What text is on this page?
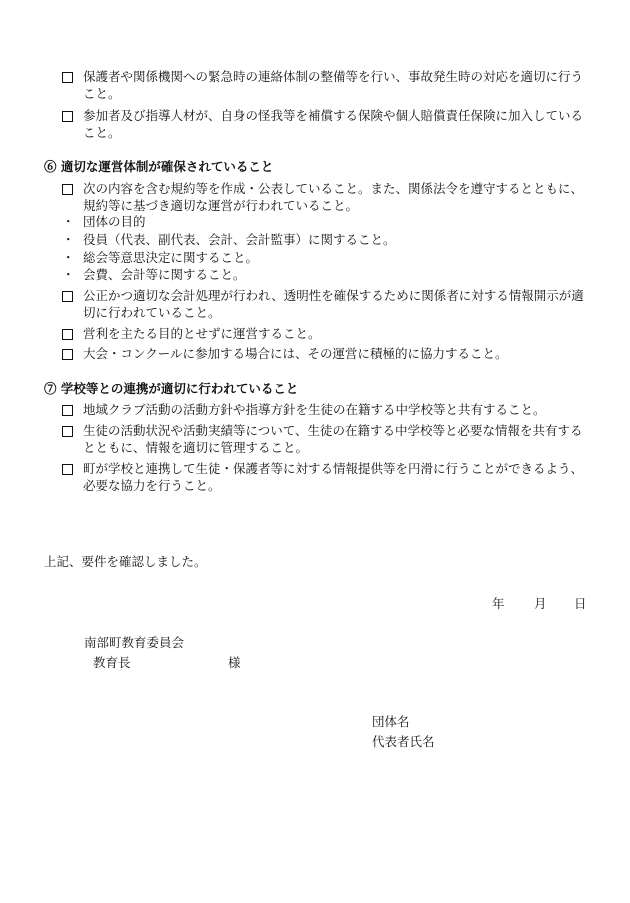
保護者や関係機関への緊急時の連絡体制の整備等を行い、事故発生時の対応を適切に行うこと。
参加者及び指導人材が、自身の怪我等を補償する保険や個人賠償責任保険に加入していること。
⑥ 適切な運営体制が確保されていること
次の内容を含む規約等を作成・公表していること。また、関係法令を遵守するとともに、規約等に基づき適切な運営が行われていること。
・ 団体の目的
・ 役員（代表、副代表、会計、会計監事）に関すること。
・ 総会等意思決定に関すること。
・ 会費、会計等に関すること。
公正かつ適切な会計処理が行われ、透明性を確保するために関係者に対する情報開示が適切に行われていること。
営利を主たる目的とせずに運営すること。
大会・コンクールに参加する場合には、その運営に積極的に協力すること。
⑦ 学校等との連携が適切に行われていること
地域クラブ活動の活動方針や指導方針を生徒の在籍する中学校等と共有すること。
生徒の活動状況や活動実績等について、生徒の在籍する中学校等と必要な情報を共有するとともに、情報を適切に管理すること。
町が学校と連携して生徒・保護者等に対する情報提供等を円滑に行うことができるよう、必要な協力を行うこと。
上記、要件を確認しました。
年 月 日
南部町教育委員会
教育長	様
団体名
代表者氏名
